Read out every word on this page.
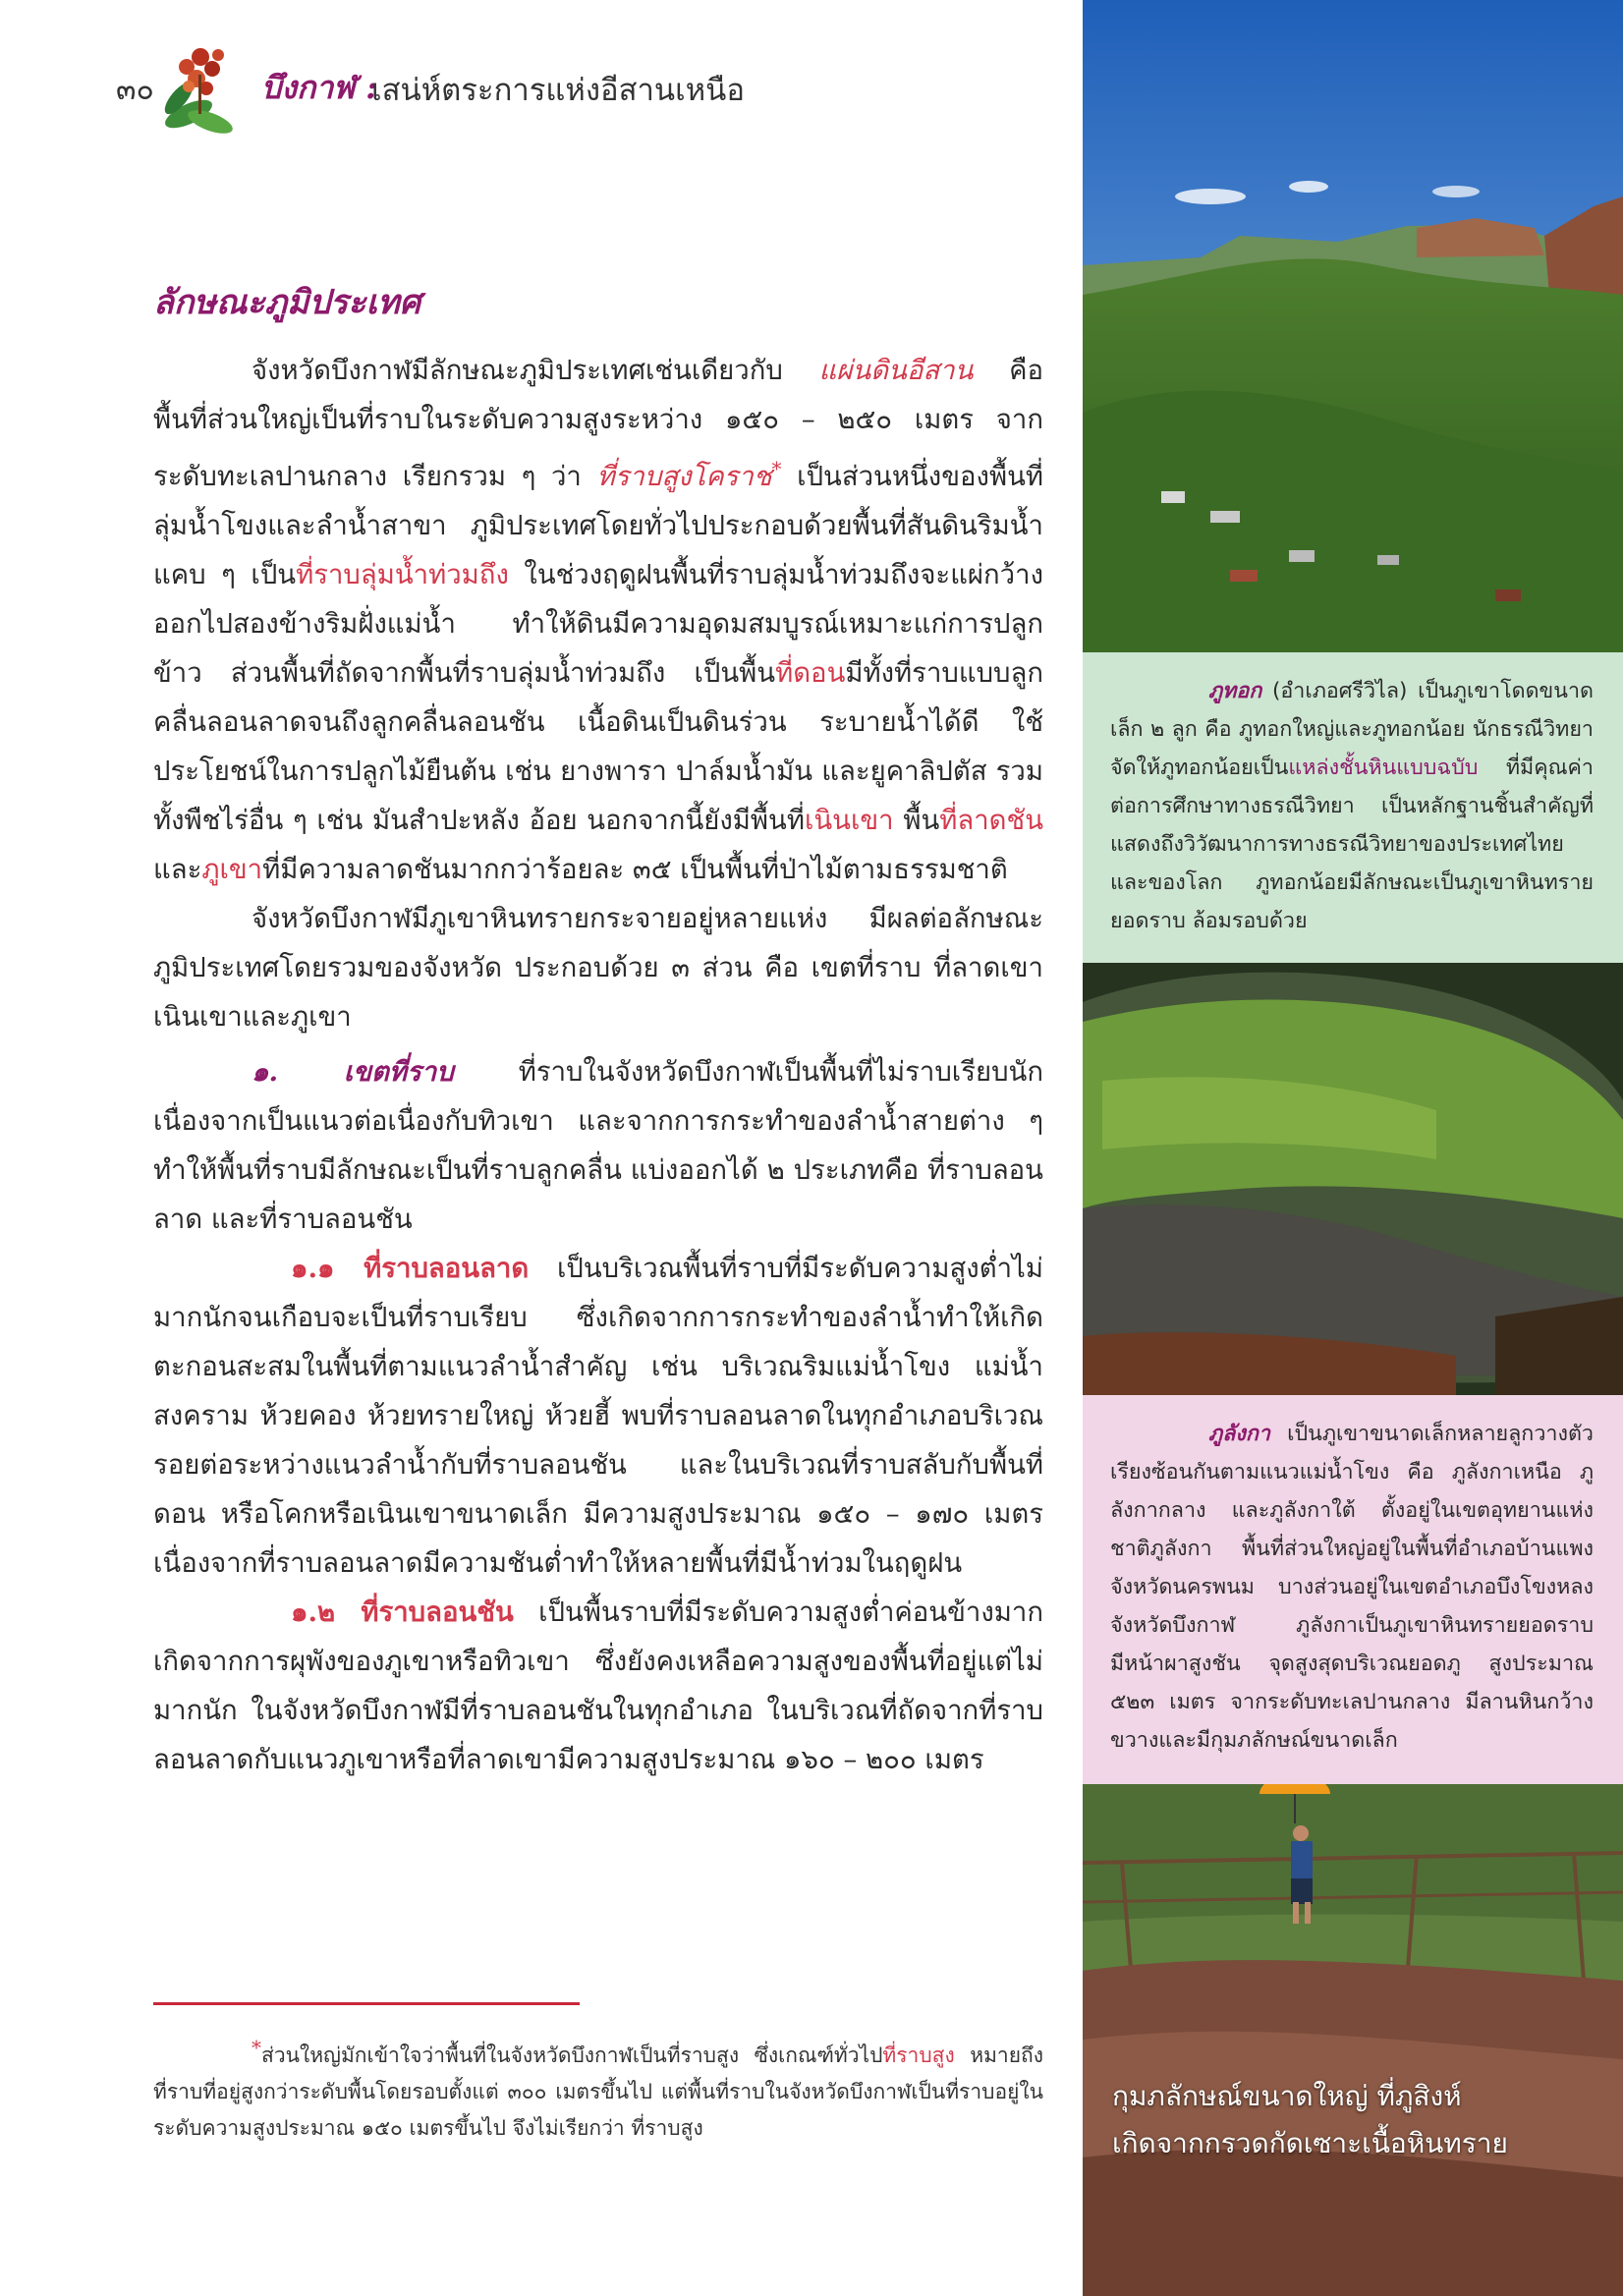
๓๐	บึงกาฬ :
เสน่ห์ตระการแห่งอีสานเหนือ
ลักษณะภูมิประเทศ

จังหวัดบึงกาฬมีลักษณะภูมิประเทศเช่นเดียวกับ แผ่นดินอีสาน คือ พื้นที่ส่วนใหญ่เป็นที่ราบในระดับความสูงระหว่าง ๑๕๐ – ๒๕๐ เมตร จากระดับทะเลปานกลาง เรียกรวม ๆ ว่า ที่ราบสูงโคราช* เป็นส่วนหนึ่งของพื้นที่ลุ่มน้ำโขงและลำน้ำสาขา ภูมิประเทศโดยทั่วไปประกอบด้วยพื้นที่สันดินริมน้ำแคบ ๆ เป็นที่ราบลุ่มน้ำท่วมถึง ในช่วงฤดูฝนพื้นที่ราบลุ่มน้ำท่วมถึงจะแผ่กว้างออกไปสองข้างริมฝั่งแม่น้ำ ทำให้ดินมีความอุดมสมบูรณ์เหมาะแก่การปลูกข้าว ส่วนพื้นที่ถัดจากพื้นที่ราบลุ่มน้ำท่วมถึง เป็นพื้นที่ดอนมีทั้งที่ราบแบบลูกคลื่นลอนลาดจนถึงลูกคลื่นลอนชัน เนื้อดินเป็นดินร่วน ระบายน้ำได้ดี ใช้ประโยชน์ในการปลูกไม้ยืนต้น เช่น ยางพารา ปาล์มน้ำมัน และยูคาลิปตัส รวมทั้งพืชไร่อื่น ๆ เช่น มันสำปะหลัง อ้อย นอกจากนี้ยังมีพื้นที่เนินเขา พื้นที่ลาดชันและภูเขาที่มีความลาดชันมากกว่าร้อยละ ๓๕ เป็นพื้นที่ป่าไม้ตามธรรมชาติ

จังหวัดบึงกาฬมีภูเขาหินทรายกระจายอยู่หลายแห่ง มีผลต่อลักษณะภูมิประเทศโดยรวมของจังหวัด ประกอบด้วย ๓ ส่วน คือ เขตที่ราบ ที่ลาดเขา เนินเขาและภูเขา

๑. เขตที่ราบ ที่ราบในจังหวัดบึงกาฬเป็นพื้นที่ไม่ราบเรียบนัก เนื่องจากเป็นแนวต่อเนื่องกับทิวเขา และจากการกระทำของลำน้ำสายต่าง ๆ ทำให้พื้นที่ราบมีลักษณะเป็นที่ราบลูกคลื่น แบ่งออกได้ ๒ ประเภทคือ ที่ราบลอนลาด และที่ราบลอนชัน

๑.๑ ที่ราบลอนลาด เป็นบริเวณพื้นที่ราบที่มีระดับความสูงต่ำไม่มากนักจนเกือบจะเป็นที่ราบเรียบ ซึ่งเกิดจากการกระทำของลำน้ำทำให้เกิดตะกอนสะสมในพื้นที่ตามแนวลำน้ำสำคัญ เช่น บริเวณริมแม่น้ำโขง แม่น้ำสงคราม ห้วยคอง ห้วยทรายใหญ่ ห้วยฮี้ พบที่ราบลอนลาดในทุกอำเภอบริเวณรอยต่อระหว่างแนวลำน้ำกับที่ราบลอนชัน และในบริเวณที่ราบสลับกับพื้นที่ดอน หรือโคกหรือเนินเขาขนาดเล็ก มีความสูงประมาณ ๑๕๐ – ๑๗๐ เมตร เนื่องจากที่ราบลอนลาดมีความชันต่ำทำให้หลายพื้นที่มีน้ำท่วมในฤดูฝน

๑.๒ ที่ราบลอนชัน เป็นพื้นราบที่มีระดับความสูงต่ำค่อนข้างมาก เกิดจากการผุพังของภูเขาหรือทิวเขา ซึ่งยังคงเหลือความสูงของพื้นที่อยู่แต่ไม่มากนัก ในจังหวัดบึงกาฬมีที่ราบลอนชันในทุกอำเภอ ในบริเวณที่ถัดจากที่ราบลอนลาดกับแนวภูเขาหรือที่ลาดเขามีความสูงประมาณ ๑๖๐ – ๒๐๐ เมตร

*ส่วนใหญ่มักเข้าใจว่าพื้นที่ในจังหวัดบึงกาฬเป็นที่ราบสูง ซึ่งเกณฑ์ทั่วไปที่ราบสูง หมายถึง ที่ราบที่อยู่สูงกว่าระดับพื้นโดยรอบตั้งแต่ ๓๐๐ เมตรขึ้นไป แต่พื้นที่ราบในจังหวัดบึงกาฬเป็นที่ราบอยู่ในระดับความสูงประมาณ ๑๕๐ เมตรขึ้นไป จึงไม่เรียกว่า ที่ราบสูง

ภูทอก (อำเภอศรีวิไล) เป็นภูเขาโดดขนาดเล็ก ๒ ลูก คือ ภูทอกใหญ่และภูทอกน้อย นักธรณีวิทยาจัดให้ภูทอกน้อยเป็นแหล่งชั้นหินแบบฉบับ ที่มีคุณค่าต่อการศึกษาทางธรณีวิทยา เป็นหลักฐานชิ้นสำคัญที่แสดงถึงวิวัฒนาการทางธรณีวิทยาของประเทศไทยและของโลก ภูทอกน้อยมีลักษณะเป็นภูเขาหินทรายยอดราบ ล้อมรอบด้วย

ภูลังกา เป็นภูเขาขนาดเล็กหลายลูกวางตัวเรียงซ้อนกันตามแนวแม่น้ำโขง คือ ภูลังกาเหนือ ภูลังกากลาง และภูลังกาใต้ ตั้งอยู่ในเขตอุทยานแห่งชาติภูลังกา พื้นที่ส่วนใหญ่อยู่ในพื้นที่อำเภอบ้านแพง จังหวัดนครพนม บางส่วนอยู่ในเขตอำเภอบึงโขงหลง จังหวัดบึงกาฬ ภูลังกาเป็นภูเขาหินทรายยอดราบมีหน้าผาสูงชัน จุดสูงสุดบริเวณยอดภู สูงประมาณ ๕๒๓ เมตร จากระดับทะเลปานกลาง มีลานหินกว้างขวางและมีกุมภลักษณ์ขนาดเล็ก

กุมภลักษณ์ขนาดใหญ่ ที่ภูสิงห์
เกิดจากกรวดกัดเซาะเนื้อหินทราย
